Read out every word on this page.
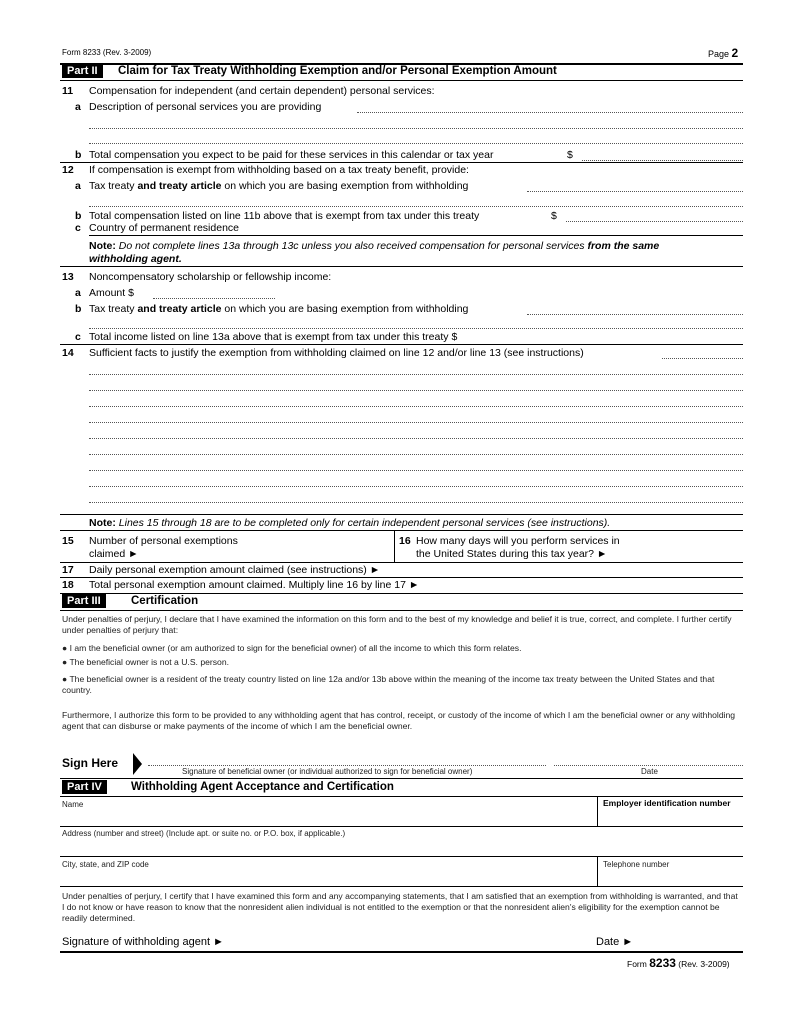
Form 8233 (Rev. 3-2009)	Page 2
Part II	Claim for Tax Treaty Withholding Exemption and/or Personal Exemption Amount
11 Compensation for independent (and certain dependent) personal services:
a Description of personal services you are providing
b Total compensation you expect to be paid for these services in this calendar or tax year	$
12 If compensation is exempt from withholding based on a tax treaty benefit, provide:
a Tax treaty and treaty article on which you are basing exemption from withholding
b Total compensation listed on line 11b above that is exempt from tax under this treaty	$
c Country of permanent residence
Note: Do not complete lines 13a through 13c unless you also received compensation for personal services from the same
withholding agent.
13 Noncompensatory scholarship or fellowship income:
a Amount $
b Tax treaty and treaty article on which you are basing exemption from withholding
c Total income listed on line 13a above that is exempt from tax under this treaty $
14 Sufficient facts to justify the exemption from withholding claimed on line 12 and/or line 13 (see instructions)
Note: Lines 15 through 18 are to be completed only for certain independent personal services (see instructions).
15 Number of personal exemptions
claimed ►
16 How many days will you perform services in
the United States during this tax year? ►
17 Daily personal exemption amount claimed (see instructions) ►
18 Total personal exemption amount claimed. Multiply line 16 by line 17 ►
Part III	Certification
Under penalties of perjury, I declare that I have examined the information on this form and to the best of my knowledge and belief it is true, correct, and complete. I further certify under penalties of perjury that:
● I am the beneficial owner (or am authorized to sign for the beneficial owner) of all the income to which this form relates.
● The beneficial owner is not a U.S. person.
● The beneficial owner is a resident of the treaty country listed on line 12a and/or 13b above within the meaning of the income tax treaty between the United States and that country.
Furthermore, I authorize this form to be provided to any withholding agent that has control, receipt, or custody of the income of which I am the beneficial owner or any withholding agent that can disburse or make payments of the income of which I am the beneficial owner.
Sign Here
Signature of beneficial owner (or individual authorized to sign for beneficial owner)	Date
Part IV	Withholding Agent Acceptance and Certification
Name	Employer identification number
Address (number and street) (Include apt. or suite no. or P.O. box, if applicable.)
City, state, and ZIP code	Telephone number
Under penalties of perjury, I certify that I have examined this form and any accompanying statements, that I am satisfied that an exemption from withholding is warranted, and that I do not know or have reason to know that the nonresident alien individual is not entitled to the exemption or that the nonresident alien's eligibility for the exemption cannot be readily determined.
Signature of withholding agent ►	Date ►
Form 8233 (Rev. 3-2009)
